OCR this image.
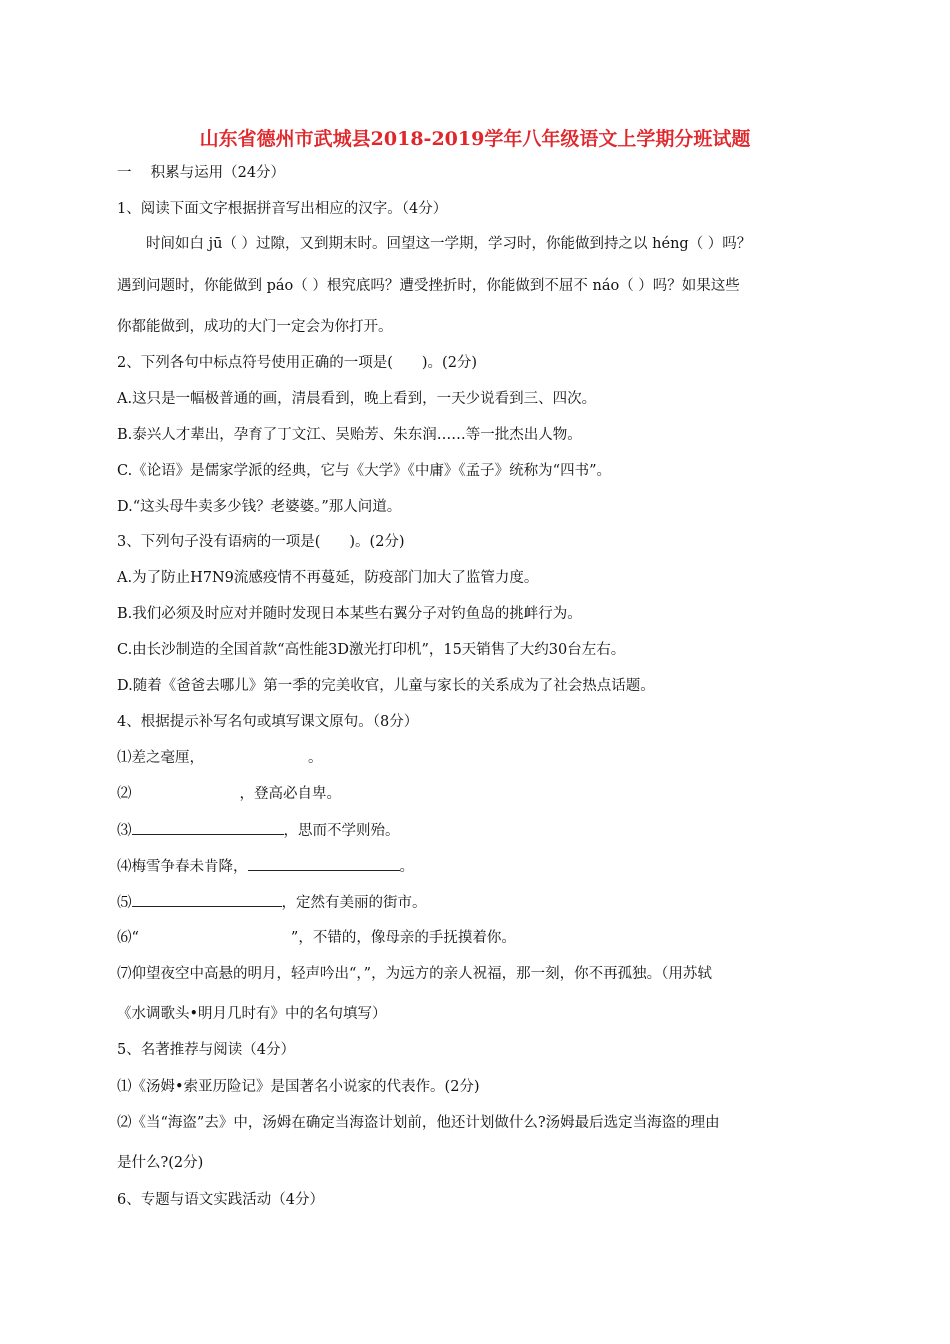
山东省德州市武城县2018-2019学年八年级语文上学期分班试题
一　 积累与运用（24分）
1、阅读下面文字根据拼音写出相应的汉字。（4分）
时间如白 jū（ ）过隙，又到期末时。回望这一学期，学习时，你能做到持之以 héng（ ）吗？
遇到问题时，你能做到 páo（ ）根究底吗？遭受挫折时，你能做到不屈不 náo（ ）吗？如果这些
你都能做到，成功的大门一定会为你打开。
2、下列各句中标点符号使用正确的一项是(　　)。(2分)
A.这只是一幅极普通的画，清晨看到，晚上看到，一天少说看到三、四次。
B.泰兴人才辈出，孕育了丁文江、吴贻芳、朱东润……等一批杰出人物。
C.《论语》是儒家学派的经典，它与《大学》《中庸》《孟子》统称为“四书”。
D.“这头母牛卖多少钱？老婆婆。”那人问道。
3、下列句子没有语病的一项是(　　)。(2分)
A.为了防止H7N9流感疫情不再蔓延，防疫部门加大了监管力度。
B.我们必须及时应对并随时发现日本某些右翼分子对钓鱼岛的挑衅行为。
C.由长沙制造的全国首款“高性能3D激光打印机”，15天销售了大约30台左右。
D.随着《爸爸去哪儿》第一季的完美收官，儿童与家长的关系成为了社会热点话题。
4、根据提示补写名句或填写课文原句。（8分）
⑴差之毫厘，	。
⑵	，登高必自卑。
⑶	，思而不学则殆。
⑷梅雪争春未肯降，	。
⑸	，定然有美丽的街市。
⑹“	”，不错的，像母亲的手抚摸着你。
⑺仰望夜空中高悬的明月，轻声吟出“，”，为远方的亲人祝福，那一刻，你不再孤独。（用苏轼
《水调歌头•明月几时有》中的名句填写）
5、名著推荐与阅读（4分）
⑴《汤姆•索亚历险记》是国著名小说家的代表作。(2分)
⑵《当“海盗”去》中，汤姆在确定当海盗计划前，他还计划做什么?汤姆最后选定当海盗的理由
是什么?(2分)
6、专题与语文实践活动（4分）
